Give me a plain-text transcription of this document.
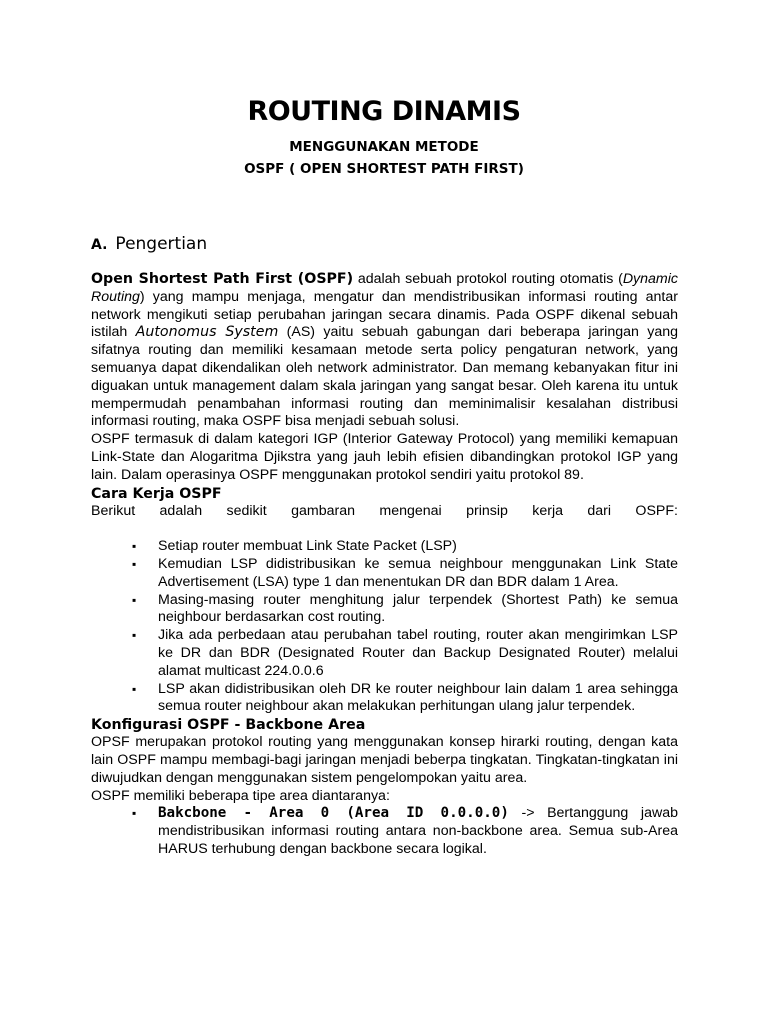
ROUTING DINAMIS
MENGGUNAKAN METODE
OSPF ( OPEN SHORTEST PATH FIRST)
A. Pengertian

Open Shortest Path First (OSPF) adalah sebuah protokol routing otomatis (Dynamic Routing) yang mampu menjaga, mengatur dan mendistribusikan informasi routing antar network mengikuti setiap perubahan jaringan secara dinamis. Pada OSPF dikenal sebuah istilah Autonomus System (AS) yaitu sebuah gabungan dari beberapa jaringan yang sifatnya routing dan memiliki kesamaan metode serta policy pengaturan network, yang semuanya dapat dikendalikan oleh network administrator. Dan memang kebanyakan fitur ini diguakan untuk management dalam skala jaringan yang sangat besar. Oleh karena itu untuk mempermudah penambahan informasi routing dan meminimalisir kesalahan distribusi informasi routing, maka OSPF bisa menjadi sebuah solusi.

OSPF termasuk di dalam kategori IGP (Interior Gateway Protocol) yang memiliki kemapuan Link-State dan Alogaritma Djikstra yang jauh lebih efisien dibandingkan protokol IGP yang lain. Dalam operasinya OSPF menggunakan protokol sendiri yaitu protokol 89.

Cara Kerja OSPF

Berikut adalah sedikit gambaran mengenai prinsip kerja dari OSPF:

▪ Setiap router membuat Link State Packet (LSP)
▪ Kemudian LSP didistribusikan ke semua neighbour menggunakan Link State Advertisement (LSA) type 1 dan menentukan DR dan BDR dalam 1 Area.
▪ Masing-masing router menghitung jalur terpendek (Shortest Path) ke semua neighbour berdasarkan cost routing.
▪ Jika ada perbedaan atau perubahan tabel routing, router akan mengirimkan LSP ke DR dan BDR (Designated Router dan Backup Designated Router) melalui alamat multicast 224.0.0.6
▪ LSP akan didistribusikan oleh DR ke router neighbour lain dalam 1 area sehingga semua router neighbour akan melakukan perhitungan ulang jalur terpendek.
Konfigurasi OSPF - Backbone Area

OPSF merupakan protokol routing yang menggunakan konsep hirarki routing, dengan kata lain OSPF mampu membagi-bagi jaringan menjadi beberpa tingkatan. Tingkatan-tingkatan ini diwujudkan dengan menggunakan sistem pengelompokan yaitu area.

OSPF memiliki beberapa tipe area diantaranya:

▪ Bakcbone - Area 0 (Area ID 0.0.0.0) -> Bertanggung jawab mendistribusikan informasi routing antara non-backbone area. Semua sub-Area HARUS terhubung dengan backbone secara logikal.
